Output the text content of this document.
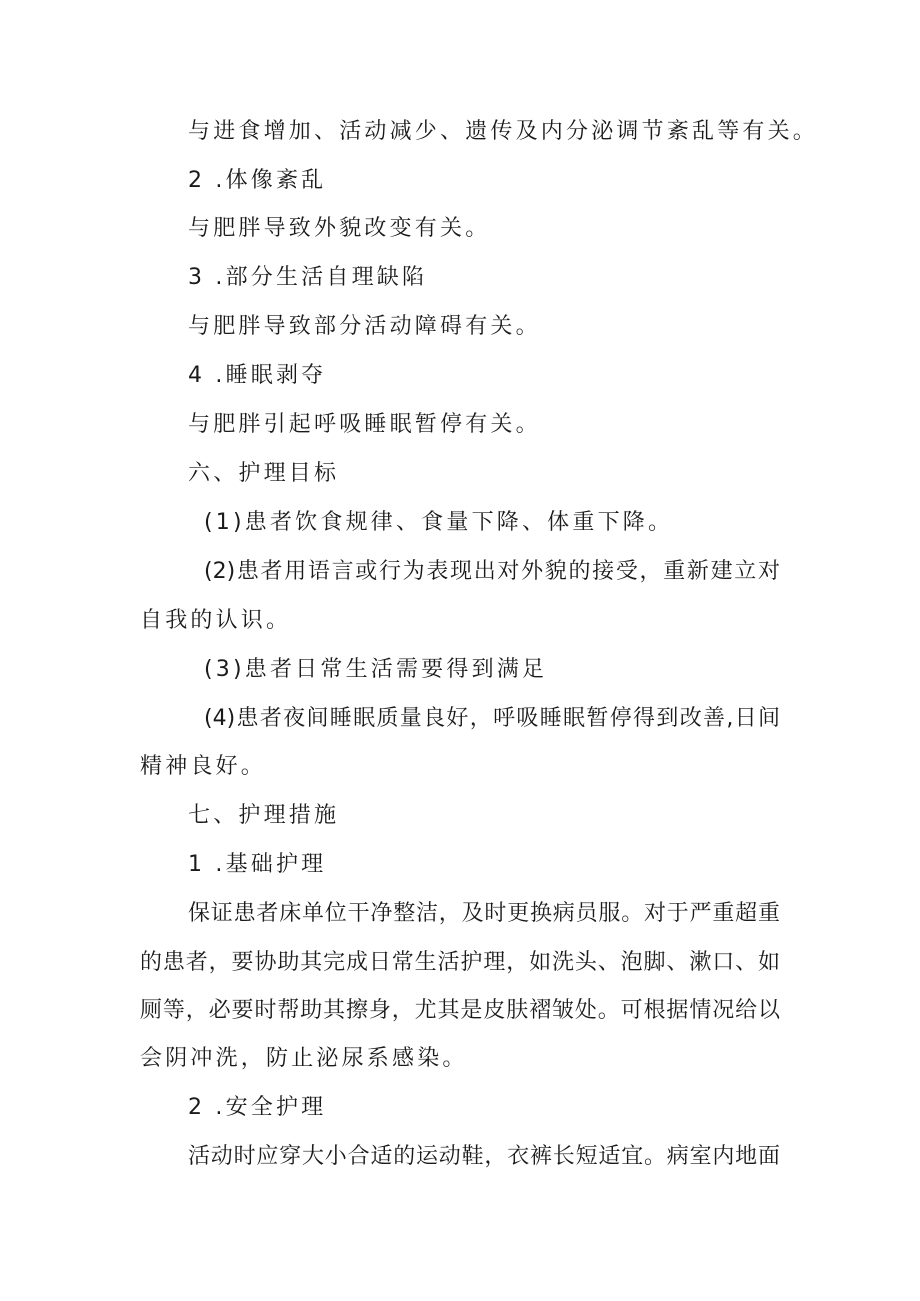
与进食增加、活动减少、遗传及内分泌调节紊乱等有关。
2 .体像紊乱
与肥胖导致外貌改变有关。
3 .部分生活自理缺陷
与肥胖导致部分活动障碍有关。
4 .睡眠剥夺
与肥胖引起呼吸睡眠暂停有关。
六、护理目标
(1)患者饮食规律、食量下降、体重下降。
(2)患者用语言或行为表现出对外貌的接受，重新建立对
自我的认识。
(3)患者日常生活需要得到满足
(4)患者夜间睡眠质量良好，呼吸睡眠暂停得到改善,日间
精神良好。
七、护理措施
1 .基础护理
保证患者床单位干净整洁，及时更换病员服。对于严重超重
的患者，要协助其完成日常生活护理，如洗头、泡脚、漱口、如
厕等，必要时帮助其擦身，尤其是皮肤褶皱处。可根据情况给以
会阴冲洗，防止泌尿系感染。
2 .安全护理
活动时应穿大小合适的运动鞋，衣裤长短适宜。病室内地面
